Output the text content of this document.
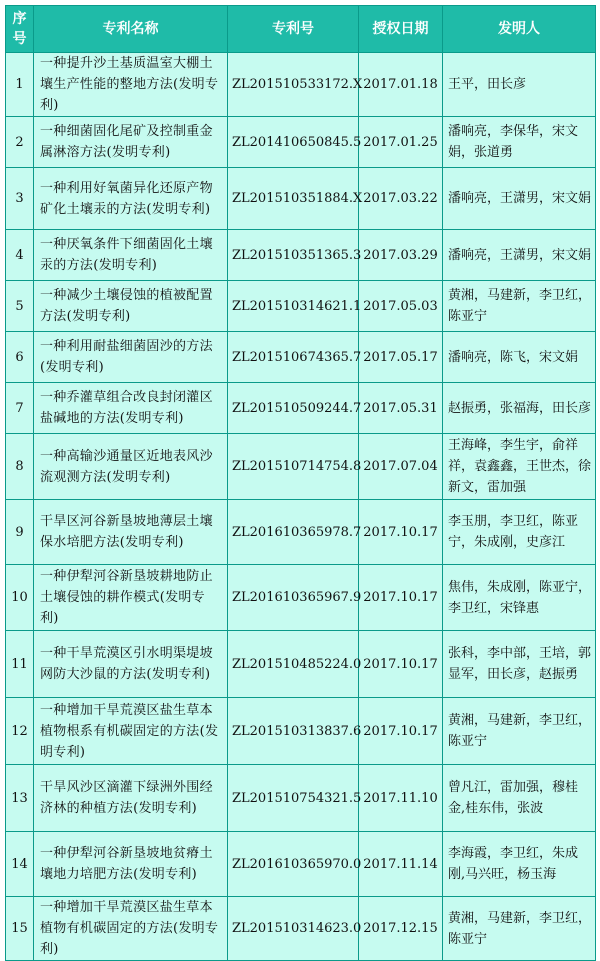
序号	专利名称	专利号	授权日期	发明人
1	一种提升沙土基质温室大棚土壤生产性能的整地方法(发明专利)	ZL201510533172.X	2017.01.18	王平，田长彦
2	一种细菌固化尾矿及控制重金属淋溶方法(发明专利)	ZL201410650845.5	2017.01.25	潘响亮，李保华，宋文娟，张道勇
3	一种利用好氧菌异化还原产物矿化土壤汞的方法(发明专利)	ZL201510351884.X	2017.03.22	潘响亮，王潇男，宋文娟
4	一种厌氧条件下细菌固化土壤汞的方法(发明专利)	ZL201510351365.3	2017.03.29	潘响亮，王潇男，宋文娟
5	一种减少土壤侵蚀的植被配置方法(发明专利)	ZL201510314621.1	2017.05.03	黄湘，马建新，李卫红，陈亚宁
6	一种利用耐盐细菌固沙的方法(发明专利)	ZL201510674365.7	2017.05.17	潘响亮，陈飞，宋文娟
7	一种乔灌草组合改良封闭灌区盐碱地的方法(发明专利)	ZL201510509244.7	2017.05.31	赵振勇，张福海，田长彦
8	一种高输沙通量区近地表风沙流观测方法(发明专利)	ZL201510714754.8	2017.07.04	王海峰，李生宇，俞祥祥，袁鑫鑫，王世杰，徐新文，雷加强
9	干旱区河谷新垦坡地薄层土壤保水培肥方法(发明专利)	ZL201610365978.7	2017.10.17	李玉朋，李卫红，陈亚宁，朱成刚，史彦江
10	一种伊犁河谷新垦坡耕地防止土壤侵蚀的耕作模式(发明专利)	ZL201610365967.9	2017.10.17	焦伟，朱成刚，陈亚宁，李卫红，宋锋惠
11	一种干旱荒漠区引水明渠堤坡网防大沙鼠的方法(发明专利)	ZL201510485224.0	2017.10.17	张科，李中部，王培，郭显军，田长彦，赵振勇
12	一种增加干旱荒漠区盐生草本植物根系有机碳固定的方法(发明专利)	ZL201510313837.6	2017.10.17	黄湘，马建新，李卫红，陈亚宁
13	干旱风沙区滴灌下绿洲外围经济林的种植方法(发明专利)	ZL201510754321.5	2017.11.10	曾凡江，雷加强，穆桂金,桂东伟，张波
14	一种伊犁河谷新垦坡地贫瘠土壤地力培肥方法(发明专利)	ZL201610365970.0	2017.11.14	李海霞，李卫红，朱成刚,马兴旺，杨玉海
15	一种增加干旱荒漠区盐生草本植物有机碳固定的方法(发明专利)	ZL201510314623.0	2017.12.15	黄湘，马建新，李卫红，陈亚宁
